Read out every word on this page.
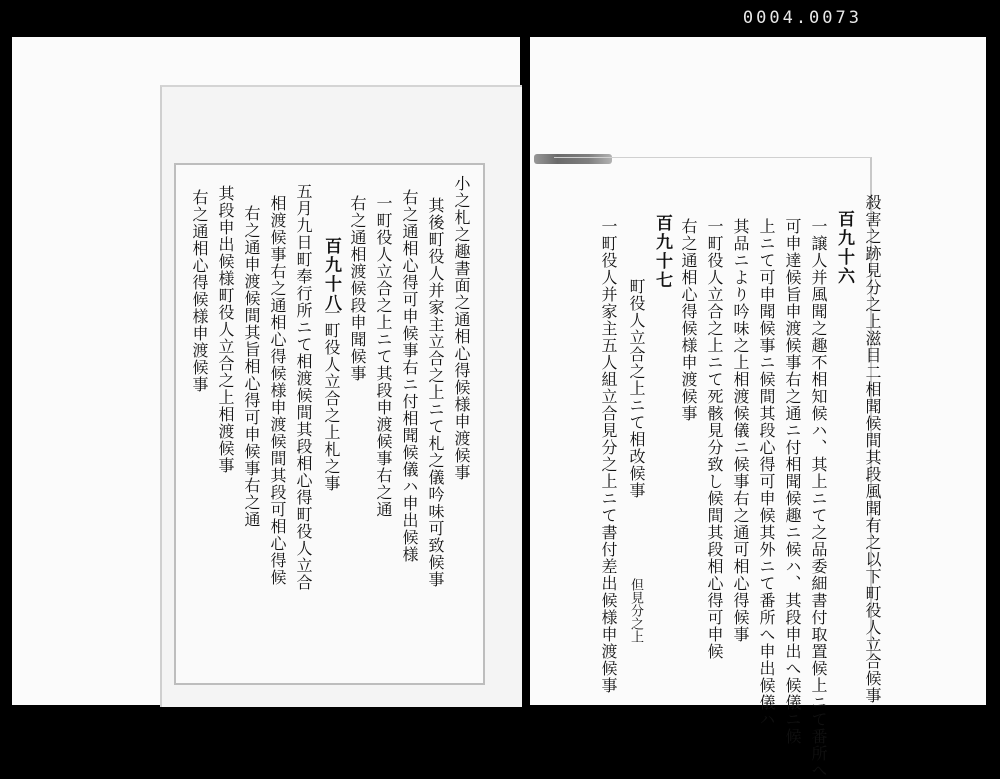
0004.0073
小之札之趣書面之通相心得候様申渡候事
其後町役人并家主立合之上ニて札之儀吟味可致候事
右之通相心得可申候事右ニ付相聞候儀ハ申出候様
一町役人立合之上ニて其段申渡候事右之通
右之通相渡候段申聞候事
百九十八
一町役人立合之上札之事
五月九日町奉行所ニて相渡候間其段相心得町役人立合
相渡候事右之通相心得候様申渡候間其段可相心得候
右之通申渡候間其旨相心得可申候事右之通
其段申出候様町役人立合之上相渡候事
右之通相心得候様申渡候事	殺害之跡見分之上滋目二相聞候間其段風聞有之以下町役人立合候事
百九十六
一譲人并風聞之趣不相知候ハ、其上ニて之品委細書付取置候上ニて番所へ
可申達候旨申渡候事右之通ニ付相聞候趣ニ候ハ、其段申出へ候儀ニ候
上ニて可申聞候事ニ候間其段心得可申候其外ニて番所へ申出候儀ハ
其品ニより吟味之上相渡候儀ニ候事右之通可相心得候事
一町役人立合之上ニて死骸見分致し候間其段相心得可申候
右之通相心得候様申渡候事
百九十七
町役人立合之上ニて相改候事
一町役人并家主五人組立合見分之上ニて書付差出候様申渡候事 但見分之上
